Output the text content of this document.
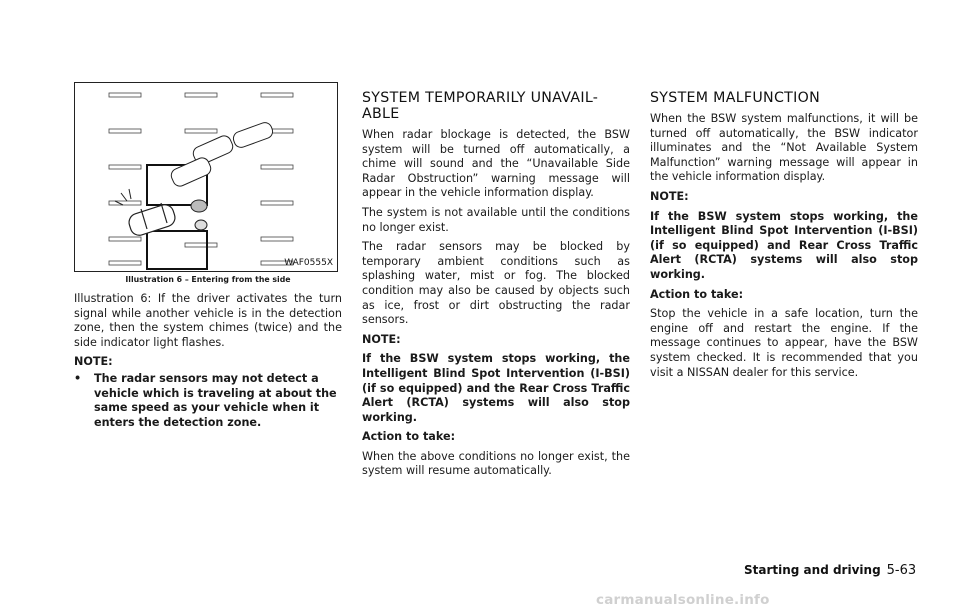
WAF0555X
Illustration 6 – Entering from the side

Illustration 6: If the driver activates the turn signal while another vehicle is in the detection zone, then the system chimes (twice) and the side indicator light flashes.

NOTE:

•	The radar sensors may not detect a vehicle which is traveling at about the same speed as your vehicle when it enters the detection zone.
SYSTEM TEMPORARILY UNAVAIL-ABLE

When radar blockage is detected, the BSW system will be turned off automatically, a chime will sound and the “Unavailable Side Radar Obstruction” warning message will appear in the vehicle information display.

The system is not available until the conditions no longer exist.

The radar sensors may be blocked by temporary ambient conditions such as splashing water, mist or fog. The blocked condition may also be caused by objects such as ice, frost or dirt obstructing the radar sensors.

NOTE:

If the BSW system stops working, the Intelligent Blind Spot Intervention (I-BSI) (if so equipped) and the Rear Cross Traffic Alert (RCTA) systems will also stop working.

Action to take:

When the above conditions no longer exist, the system will resume automatically.

SYSTEM MALFUNCTION

When the BSW system malfunctions, it will be turned off automatically, the BSW indicator illuminates and the “Not Available System Malfunction” warning message will appear in the vehicle information display.

NOTE:

If the BSW system stops working, the Intelligent Blind Spot Intervention (I-BSI) (if so equipped) and Rear Cross Traffic Alert (RCTA) systems will also stop working.

Action to take:

Stop the vehicle in a safe location, turn the engine off and restart the engine. If the message continues to appear, have the BSW system checked. It is recommended that you visit a NISSAN dealer for this service.

Starting and driving 5-63
carmanualsonline.info
